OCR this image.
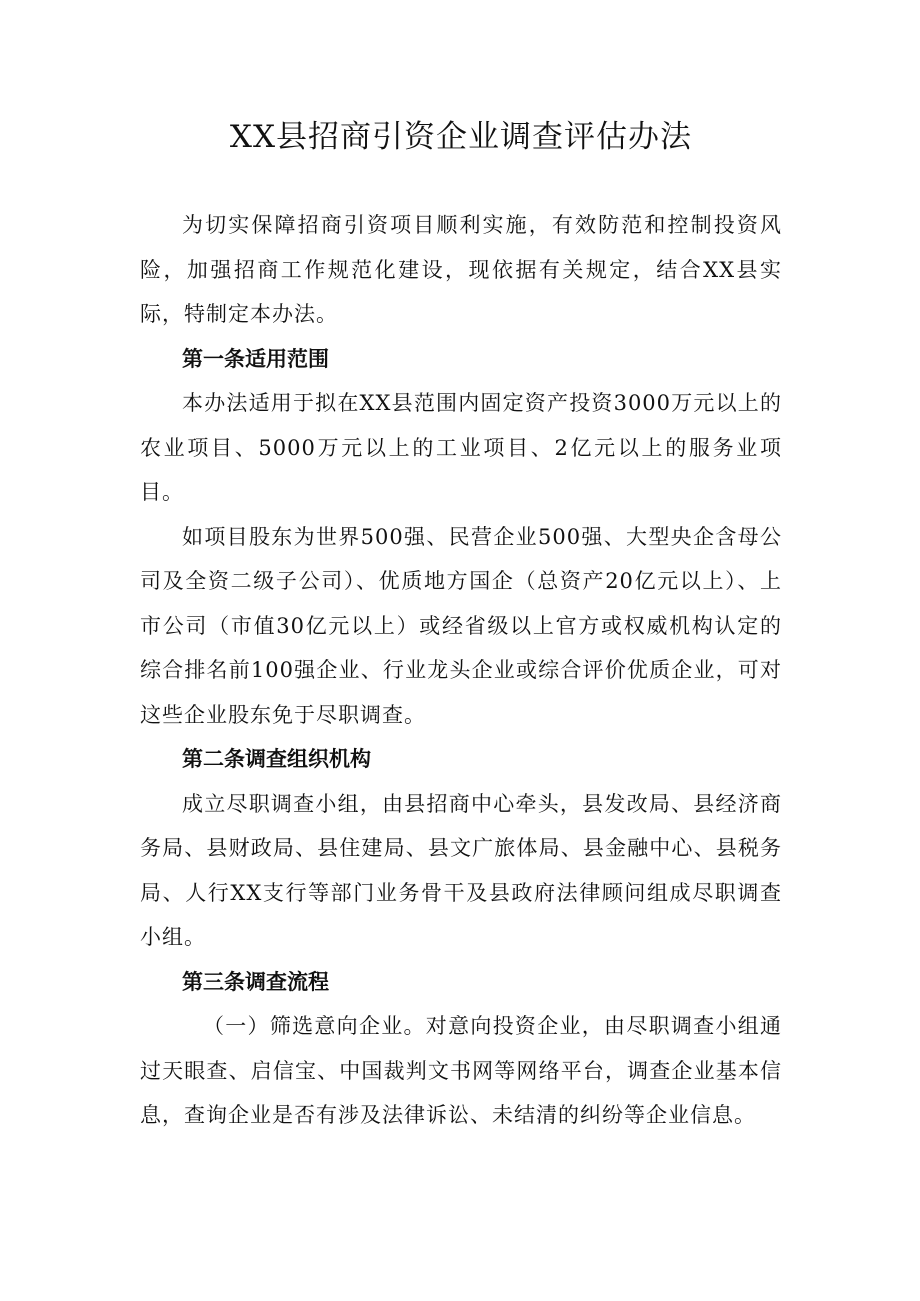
XX县招商引资企业调查评估办法

为切实保障招商引资项目顺利实施，有效防范和控制投资风险，加强招商工作规范化建设，现依据有关规定，结合XX县实际，特制定本办法。

第一条适用范围

本办法适用于拟在XX县范围内固定资产投资3000万元以上的农业项目、5000万元以上的工业项目、2亿元以上的服务业项目。

如项目股东为世界500强、民营企业500强、大型央企含母公司及全资二级子公司）、优质地方国企（总资产20亿元以上）、上市公司（市值30亿元以上）或经省级以上官方或权威机构认定的综合排名前100强企业、行业龙头企业或综合评价优质企业，可对这些企业股东免于尽职调查。

第二条调查组织机构

成立尽职调查小组，由县招商中心牵头，县发改局、县经济商务局、县财政局、县住建局、县文广旅体局、县金融中心、县税务局、人行XX支行等部门业务骨干及县政府法律顾问组成尽职调查小组。

第三条调查流程

（一）筛选意向企业。对意向投资企业，由尽职调查小组通过天眼查、启信宝、中国裁判文书网等网络平台，调查企业基本信息，查询企业是否有涉及法律诉讼、未结清的纠纷等企业信息。
